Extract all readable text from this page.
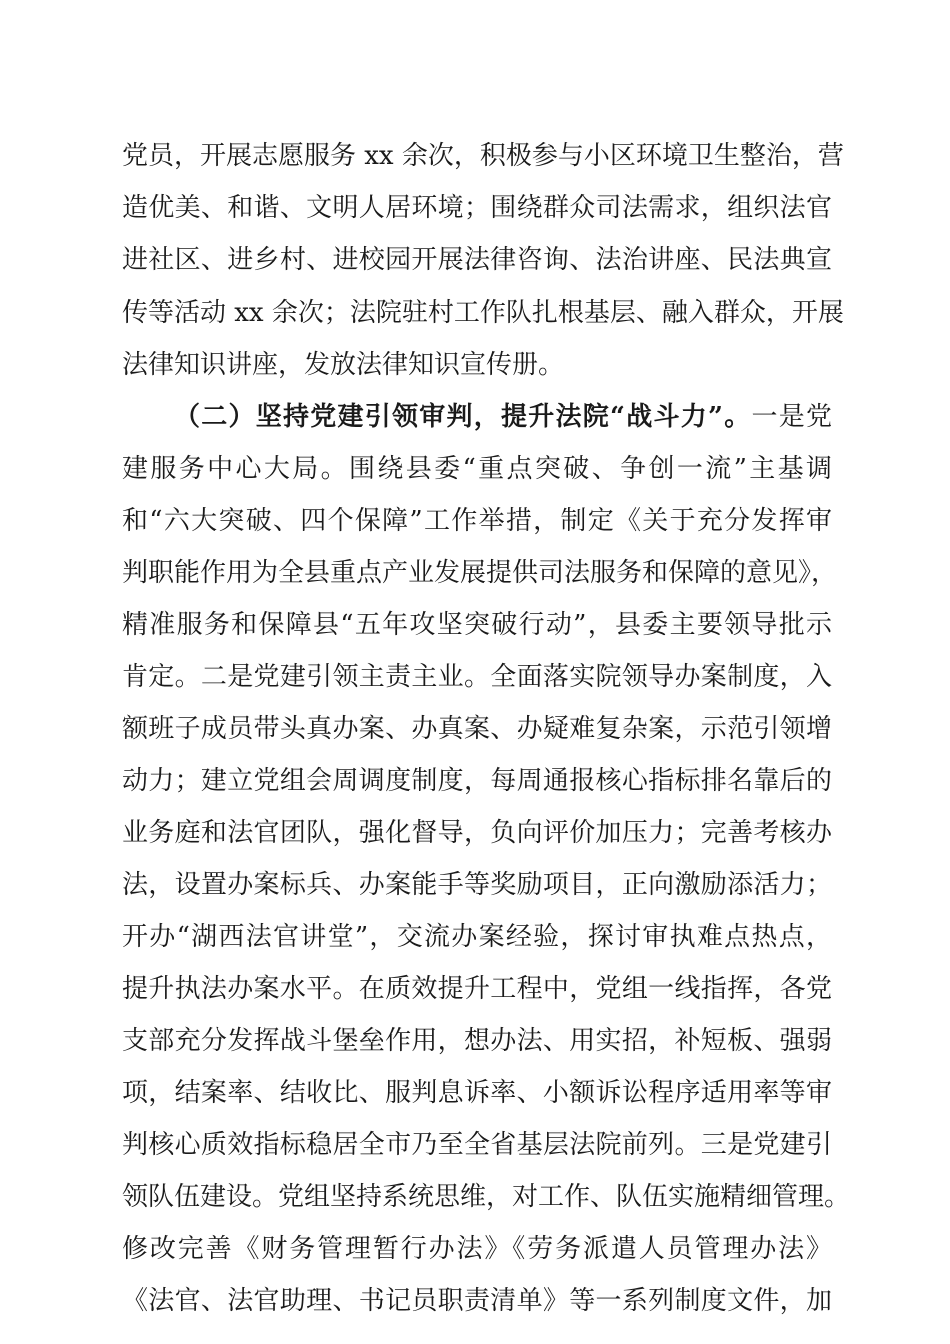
党员，开展志愿服务 xx 余次，积极参与小区环境卫生整治，营
造优美、和谐、文明人居环境；围绕群众司法需求，组织法官
进社区、进乡村、进校园开展法律咨询、法治讲座、民法典宣
传等活动 xx 余次；法院驻村工作队扎根基层、融入群众，开展
法律知识讲座，发放法律知识宣传册。
（二）坚持党建引领审判，提升法院“战斗力”。一是党
建服务中心大局。围绕县委“重点突破、争创一流”主基调
和“六大突破、四个保障”工作举措，制定《关于充分发挥审
判职能作用为全县重点产业发展提供司法服务和保障的意见》，
精准服务和保障县“五年攻坚突破行动”，县委主要领导批示
肯定。二是党建引领主责主业。全面落实院领导办案制度，入
额班子成员带头真办案、办真案、办疑难复杂案，示范引领增
动力；建立党组会周调度制度，每周通报核心指标排名靠后的
业务庭和法官团队，强化督导，负向评价加压力；完善考核办
法，设置办案标兵、办案能手等奖励项目，正向激励添活力；
开办“湖西法官讲堂”，交流办案经验，探讨审执难点热点，
提升执法办案水平。在质效提升工程中，党组一线指挥，各党
支部充分发挥战斗堡垒作用，想办法、用实招，补短板、强弱
项，结案率、结收比、服判息诉率、小额诉讼程序适用率等审
判核心质效指标稳居全市乃至全省基层法院前列。三是党建引
领队伍建设。党组坚持系统思维，对工作、队伍实施精细管理。
修改完善《财务管理暂行办法》《劳务派遣人员管理办法》
《法官、法官助理、书记员职责清单》等一系列制度文件，加
